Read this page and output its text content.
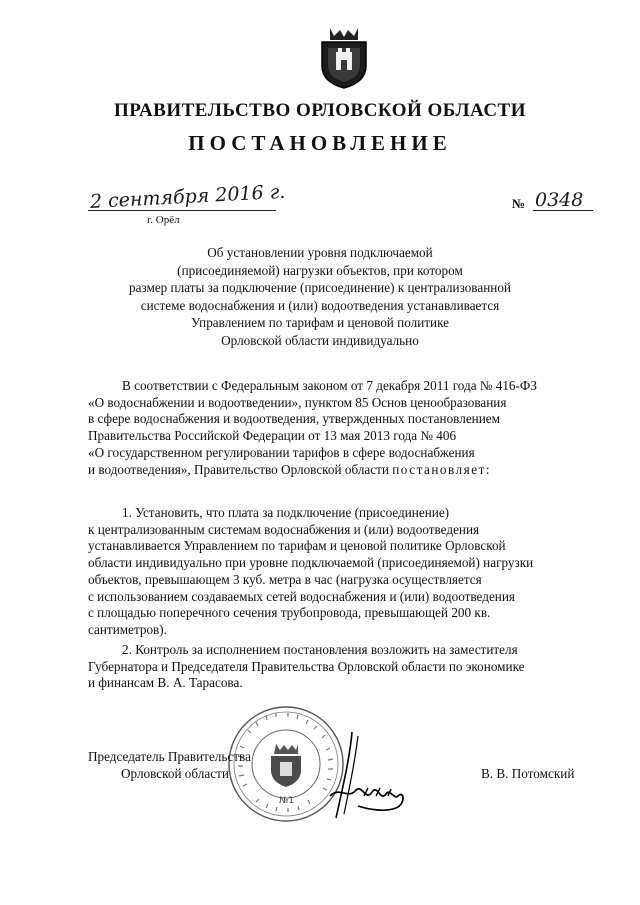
ПРАВИТЕЛЬСТВО ОРЛОВСКОЙ ОБЛАСТИ
ПОСТАНОВЛЕНИЕ
2 сентября 2016 г.
г. Орёл
№ 0348
Об установлении уровня подключаемой
(присоединяемой) нагрузки объектов, при котором
размер платы за подключение (присоединение) к централизованной
системе водоснабжения и (или) водоотведения устанавливается
Управлением по тарифам и ценовой политике
Орловской области индивидуально
В соответствии с Федеральным законом от 7 декабря 2011 года № 416-ФЗ
«О водоснабжении и водоотведении», пунктом 85 Основ ценообразования
в сфере водоснабжения и водоотведения, утвержденных постановлением
Правительства Российской Федерации от 13 мая 2013 года № 406
«О государственном регулировании тарифов в сфере водоснабжения
и водоотведения», Правительство Орловской области постановляет:
1. Установить, что плата за подключение (присоединение)
к централизованным системам водоснабжения и (или) водоотведения
устанавливается Управлением по тарифам и ценовой политике Орловской
области индивидуально при уровне подключаемой (присоединяемой) нагрузки
объектов, превышающем 3 куб. метра в час (нагрузка осуществляется
с использованием создаваемых сетей водоснабжения и (или) водоотведения
с площадью поперечного сечения трубопровода, превышающей 200 кв.
сантиметров).
2. Контроль за исполнением постановления возложить на заместителя
Губернатора и Председателя Правительства Орловской области по экономике
и финансам В. А. Тарасова.
№1
Председатель Правительства
Орловской области	В. В. Потомский
